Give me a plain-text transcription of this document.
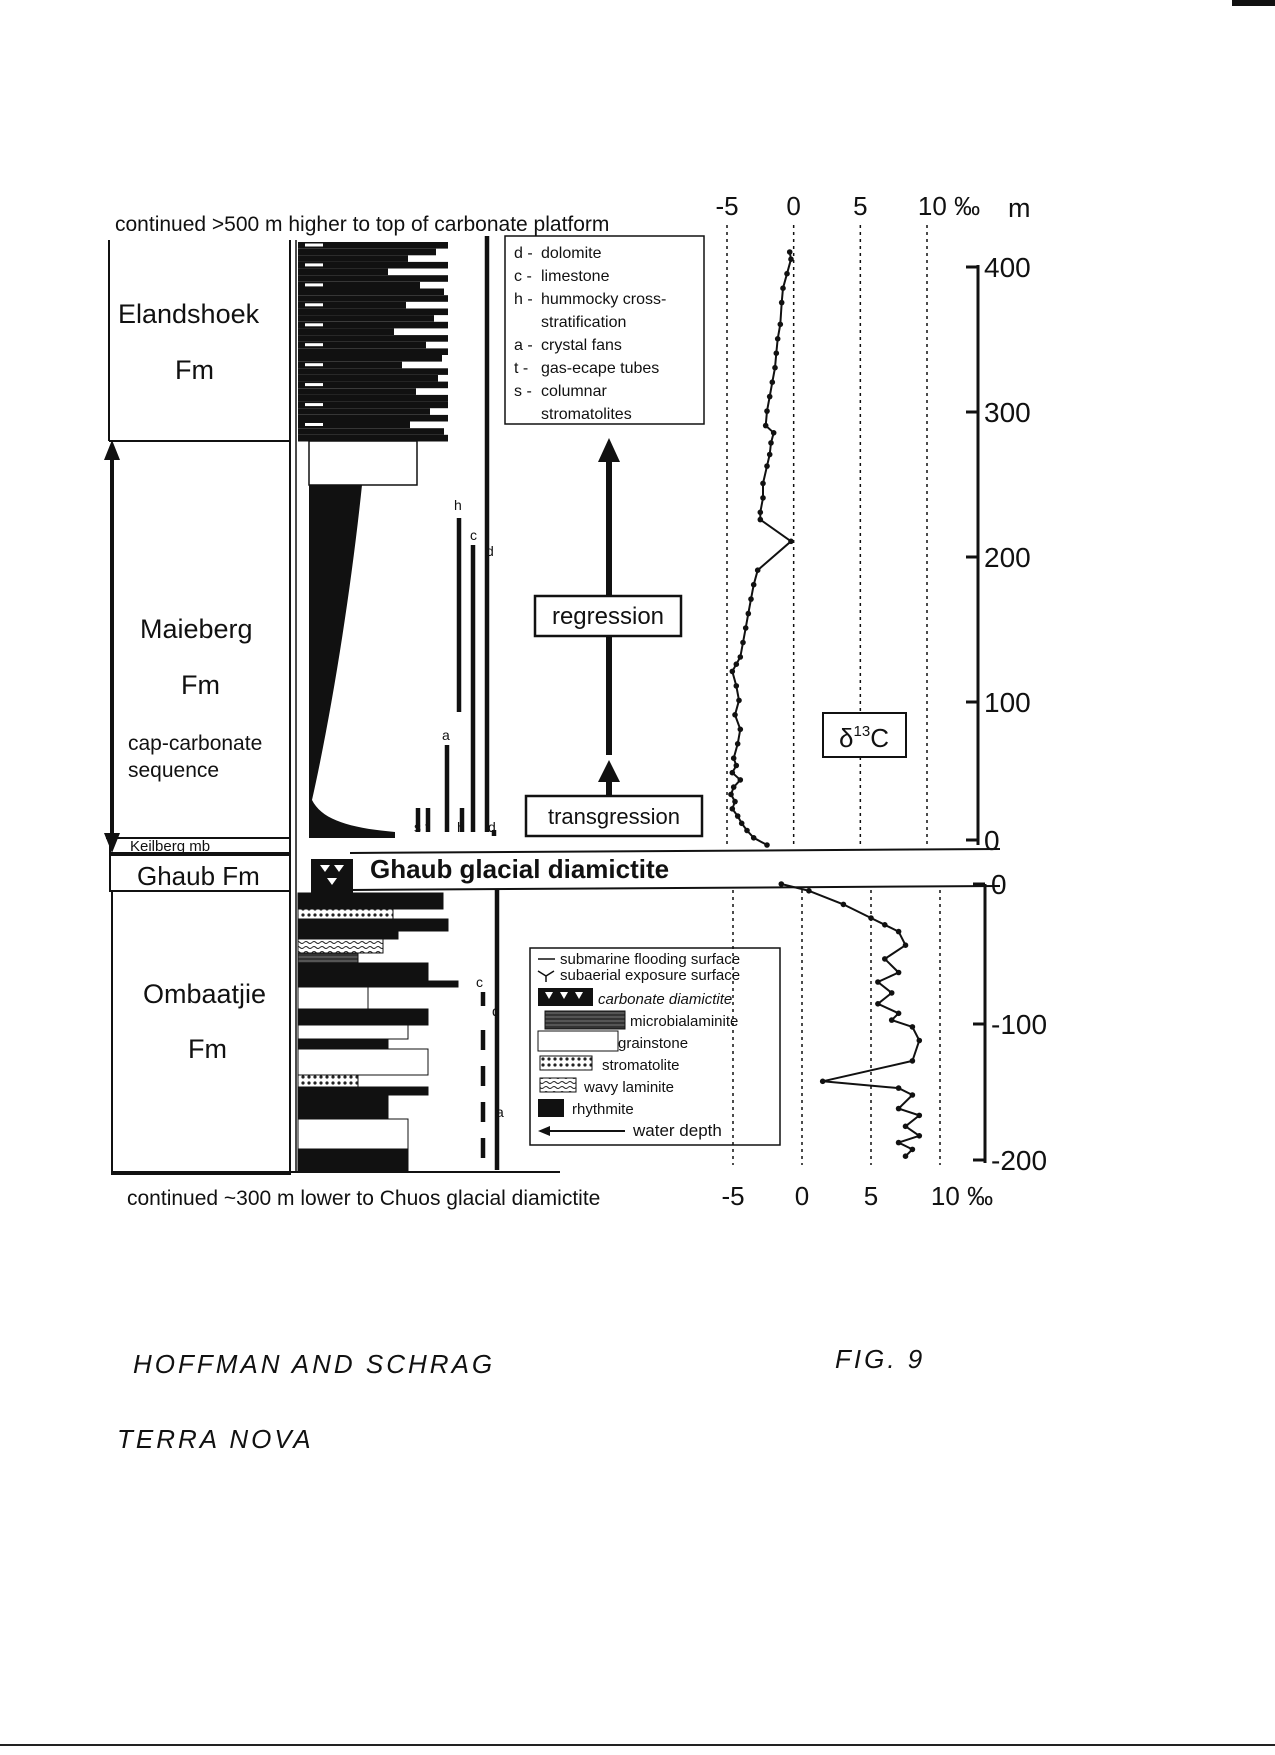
continued >500 m higher to top of carbonate platform
continued ~300 m lower to Chuos glacial diamictite
Elandshoek
Fm
Maieberg
Fm
cap-carbonate
sequence
Keilberg mb
Ghaub Fm
Ombaatjie
Fm
Ghaub glacial diamictite
h
c
d
a
s t h d
c
d
a
d - dolomite
c - limestone
h - hummocky cross-
stratification
a - crystal fans
t - gas-ecape tubes
s - columnar
stromatolites
regression
transgression
submarine flooding surface
subaerial exposure surface
carbonate diamictite
microbialaminite
grainstone
stromatolite
wavy laminite
rhythmite
water depth
-5 0 5 10 ‰
400
300
200
100
0
m
-5 0 5 10 ‰
0
-100
-200
$\delta^{13}C$
HOFFMAN AND SCHRAG
TERRA NOVA
FIG. 9
